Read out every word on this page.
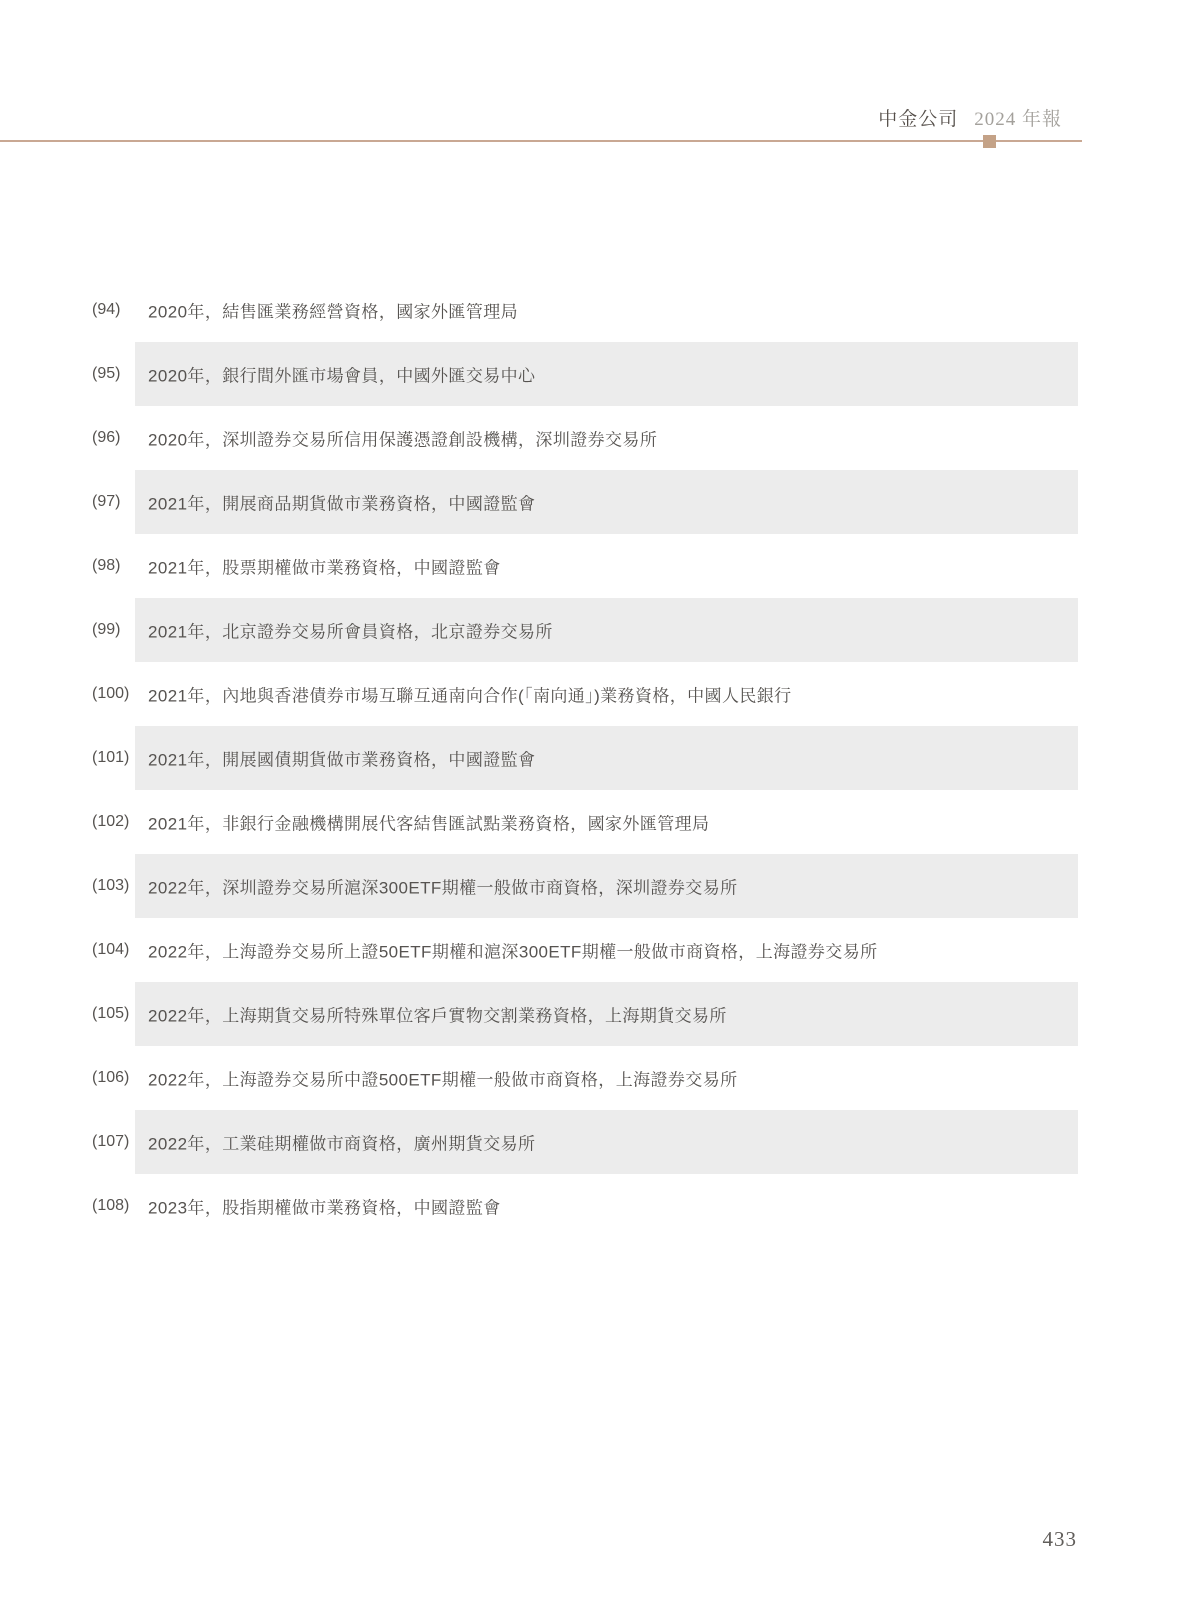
中金公司 2024 年報
(94) 2020年，結售匯業務經營資格，國家外匯管理局
(95) 2020年，銀行間外匯市場會員，中國外匯交易中心
(96) 2020年，深圳證券交易所信用保護憑證創設機構，深圳證券交易所
(97) 2021年，開展商品期貨做市業務資格，中國證監會
(98) 2021年，股票期權做市業務資格，中國證監會
(99) 2021年，北京證券交易所會員資格，北京證券交易所
(100) 2021年，內地與香港債券市場互聯互通南向合作(「南向通」)業務資格，中國人民銀行
(101) 2021年，開展國債期貨做市業務資格，中國證監會
(102) 2021年，非銀行金融機構開展代客結售匯試點業務資格，國家外匯管理局
(103) 2022年，深圳證券交易所滬深300ETF期權一般做市商資格，深圳證券交易所
(104) 2022年，上海證券交易所上證50ETF期權和滬深300ETF期權一般做市商資格，上海證券交易所
(105) 2022年，上海期貨交易所特殊單位客戶實物交割業務資格，上海期貨交易所
(106) 2022年，上海證券交易所中證500ETF期權一般做市商資格，上海證券交易所
(107) 2022年，工業硅期權做市商資格，廣州期貨交易所
(108) 2023年，股指期權做市業務資格，中國證監會
433
